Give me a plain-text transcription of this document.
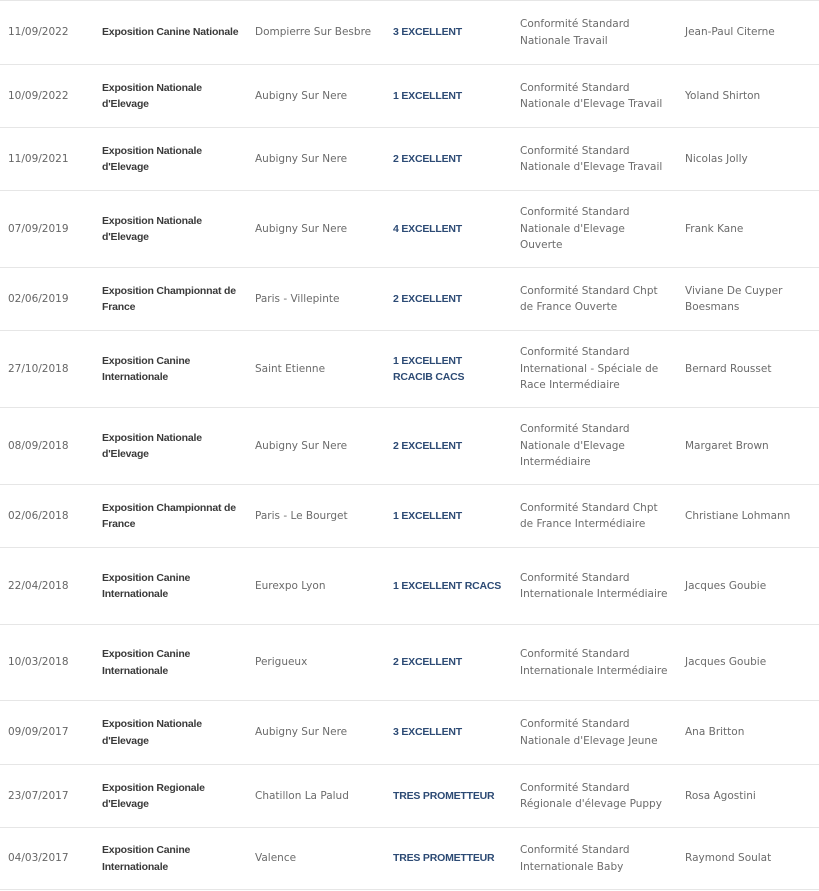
11/09/2022	Exposition Canine Nationale	Dompierre Sur Besbre	3 EXCELLENT	Conformité Standard Nationale Travail	Jean-Paul Citerne

10/09/2022	Exposition Nationale d'Elevage	Aubigny Sur Nere	1 EXCELLENT	Conformité Standard Nationale d'Elevage Travail	Yoland Shirton

11/09/2021	Exposition Nationale d'Elevage	Aubigny Sur Nere	2 EXCELLENT	Conformité Standard Nationale d'Elevage Travail	Nicolas Jolly

07/09/2019	Exposition Nationale d'Elevage	Aubigny Sur Nere	4 EXCELLENT	Conformité Standard Nationale d'Elevage Ouverte	Frank Kane

02/06/2019	Exposition Championnat de France	Paris - Villepinte	2 EXCELLENT	Conformité Standard Chpt de France Ouverte	Viviane De Cuyper Boesmans

27/10/2018	Exposition Canine Internationale	Saint Etienne	1 EXCELLENT RCACIB CACS	Conformité Standard International - Spéciale de Race Intermédiaire	Bernard Rousset

08/09/2018	Exposition Nationale d'Elevage	Aubigny Sur Nere	2 EXCELLENT	Conformité Standard Nationale d'Elevage Intermédiaire	Margaret Brown

02/06/2018	Exposition Championnat de France	Paris - Le Bourget	1 EXCELLENT	Conformité Standard Chpt de France Intermédiaire	Christiane Lohmann

22/04/2018	Exposition Canine Internationale	Eurexpo Lyon	1 EXCELLENT RCACS	Conformité Standard Internationale Intermédiaire	Jacques Goubie

10/03/2018	Exposition Canine Internationale	Perigueux	2 EXCELLENT	Conformité Standard Internationale Intermédiaire	Jacques Goubie

09/09/2017	Exposition Nationale d'Elevage	Aubigny Sur Nere	3 EXCELLENT	Conformité Standard Nationale d'Elevage Jeune	Ana Britton

23/07/2017	Exposition Regionale d'Elevage	Chatillon La Palud	TRES PROMETTEUR	Conformité Standard Régionale d'élevage Puppy	Rosa Agostini

04/03/2017	Exposition Canine Internationale	Valence	TRES PROMETTEUR	Conformité Standard Internationale Baby	Raymond Soulat
